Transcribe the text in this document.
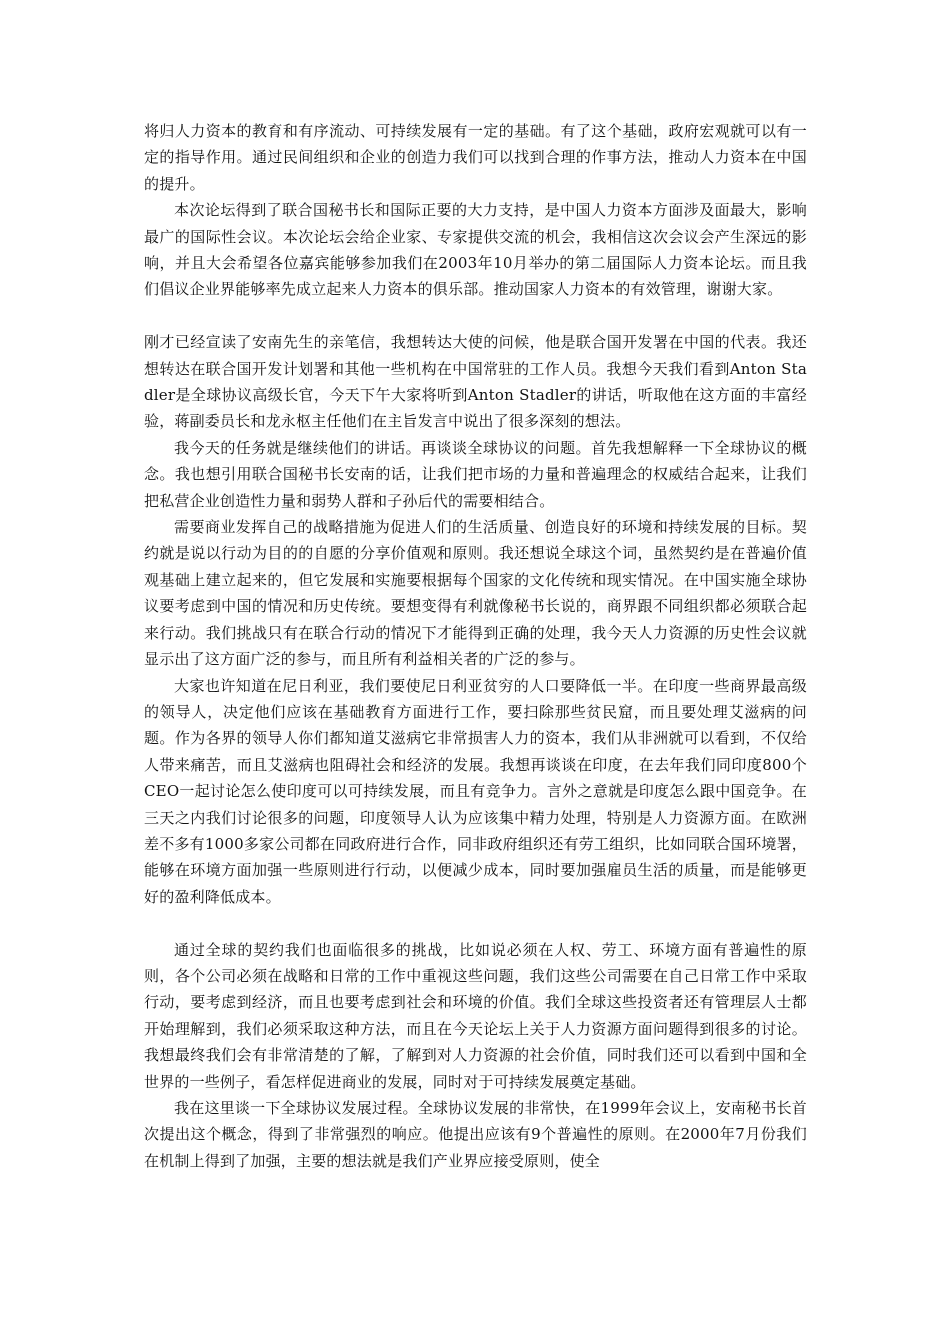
将归人力资本的教育和有序流动、可持续发展有一定的基础。有了这个基础，政府宏观就可以有一定的指导作用。通过民间组织和企业的创造力我们可以找到合理的作事方法，推动人力资本在中国的提升。

本次论坛得到了联合国秘书长和国际正要的大力支持，是中国人力资本方面涉及面最大，影响最广的国际性会议。本次论坛会给企业家、专家提供交流的机会，我相信这次会议会产生深远的影响，并且大会希望各位嘉宾能够参加我们在2003年10月举办的第二届国际人力资本论坛。而且我们倡议企业界能够率先成立起来人力资本的俱乐部。推动国家人力资本的有效管理，谢谢大家。

刚才已经宣读了安南先生的亲笔信，我想转达大使的问候，他是联合国开发署在中国的代表。我还想转达在联合国开发计划署和其他一些机构在中国常驻的工作人员。我想今天我们看到Anton Stadler是全球协议高级长官，今天下午大家将听到Anton Stadler的讲话，听取他在这方面的丰富经验，蒋副委员长和龙永枢主任他们在主旨发言中说出了很多深刻的想法。

我今天的任务就是继续他们的讲话。再谈谈全球协议的问题。首先我想解释一下全球协议的概念。我也想引用联合国秘书长安南的话，让我们把市场的力量和普遍理念的权威结合起来，让我们把私营企业创造性力量和弱势人群和子孙后代的需要相结合。

需要商业发挥自己的战略措施为促进人们的生活质量、创造良好的环境和持续发展的目标。契约就是说以行动为目的的自愿的分享价值观和原则。我还想说全球这个词，虽然契约是在普遍价值观基础上建立起来的，但它发展和实施要根据每个国家的文化传统和现实情况。在中国实施全球协议要考虑到中国的情况和历史传统。要想变得有利就像秘书长说的，商界跟不同组织都必须联合起来行动。我们挑战只有在联合行动的情况下才能得到正确的处理，我今天人力资源的历史性会议就显示出了这方面广泛的参与，而且所有利益相关者的广泛的参与。

大家也许知道在尼日利亚，我们要使尼日利亚贫穷的人口要降低一半。在印度一些商界最高级的领导人，决定他们应该在基础教育方面进行工作，要扫除那些贫民窟，而且要处理艾滋病的问题。作为各界的领导人你们都知道艾滋病它非常损害人力的资本，我们从非洲就可以看到，不仅给人带来痛苦，而且艾滋病也阻碍社会和经济的发展。我想再谈谈在印度，在去年我们同印度800个CEO一起讨论怎么使印度可以可持续发展，而且有竞争力。言外之意就是印度怎么跟中国竞争。在三天之内我们讨论很多的问题，印度领导人认为应该集中精力处理，特别是人力资源方面。在欧洲差不多有1000多家公司都在同政府进行合作，同非政府组织还有劳工组织，比如同联合国环境署，能够在环境方面加强一些原则进行行动，以便减少成本，同时要加强雇员生活的质量，而是能够更好的盈利降低成本。

通过全球的契约我们也面临很多的挑战，比如说必须在人权、劳工、环境方面有普遍性的原则，各个公司必须在战略和日常的工作中重视这些问题，我们这些公司需要在自己日常工作中采取行动，要考虑到经济，而且也要考虑到社会和环境的价值。我们全球这些投资者还有管理层人士都开始理解到，我们必须采取这种方法，而且在今天论坛上关于人力资源方面问题得到很多的讨论。我想最终我们会有非常清楚的了解，了解到对人力资源的社会价值，同时我们还可以看到中国和全世界的一些例子，看怎样促进商业的发展，同时对于可持续发展奠定基础。

我在这里谈一下全球协议发展过程。全球协议发展的非常快，在1999年会议上，安南秘书长首次提出这个概念，得到了非常强烈的响应。他提出应该有9个普遍性的原则。在2000年7月份我们在机制上得到了加强，主要的想法就是我们产业界应接受原则，使全
